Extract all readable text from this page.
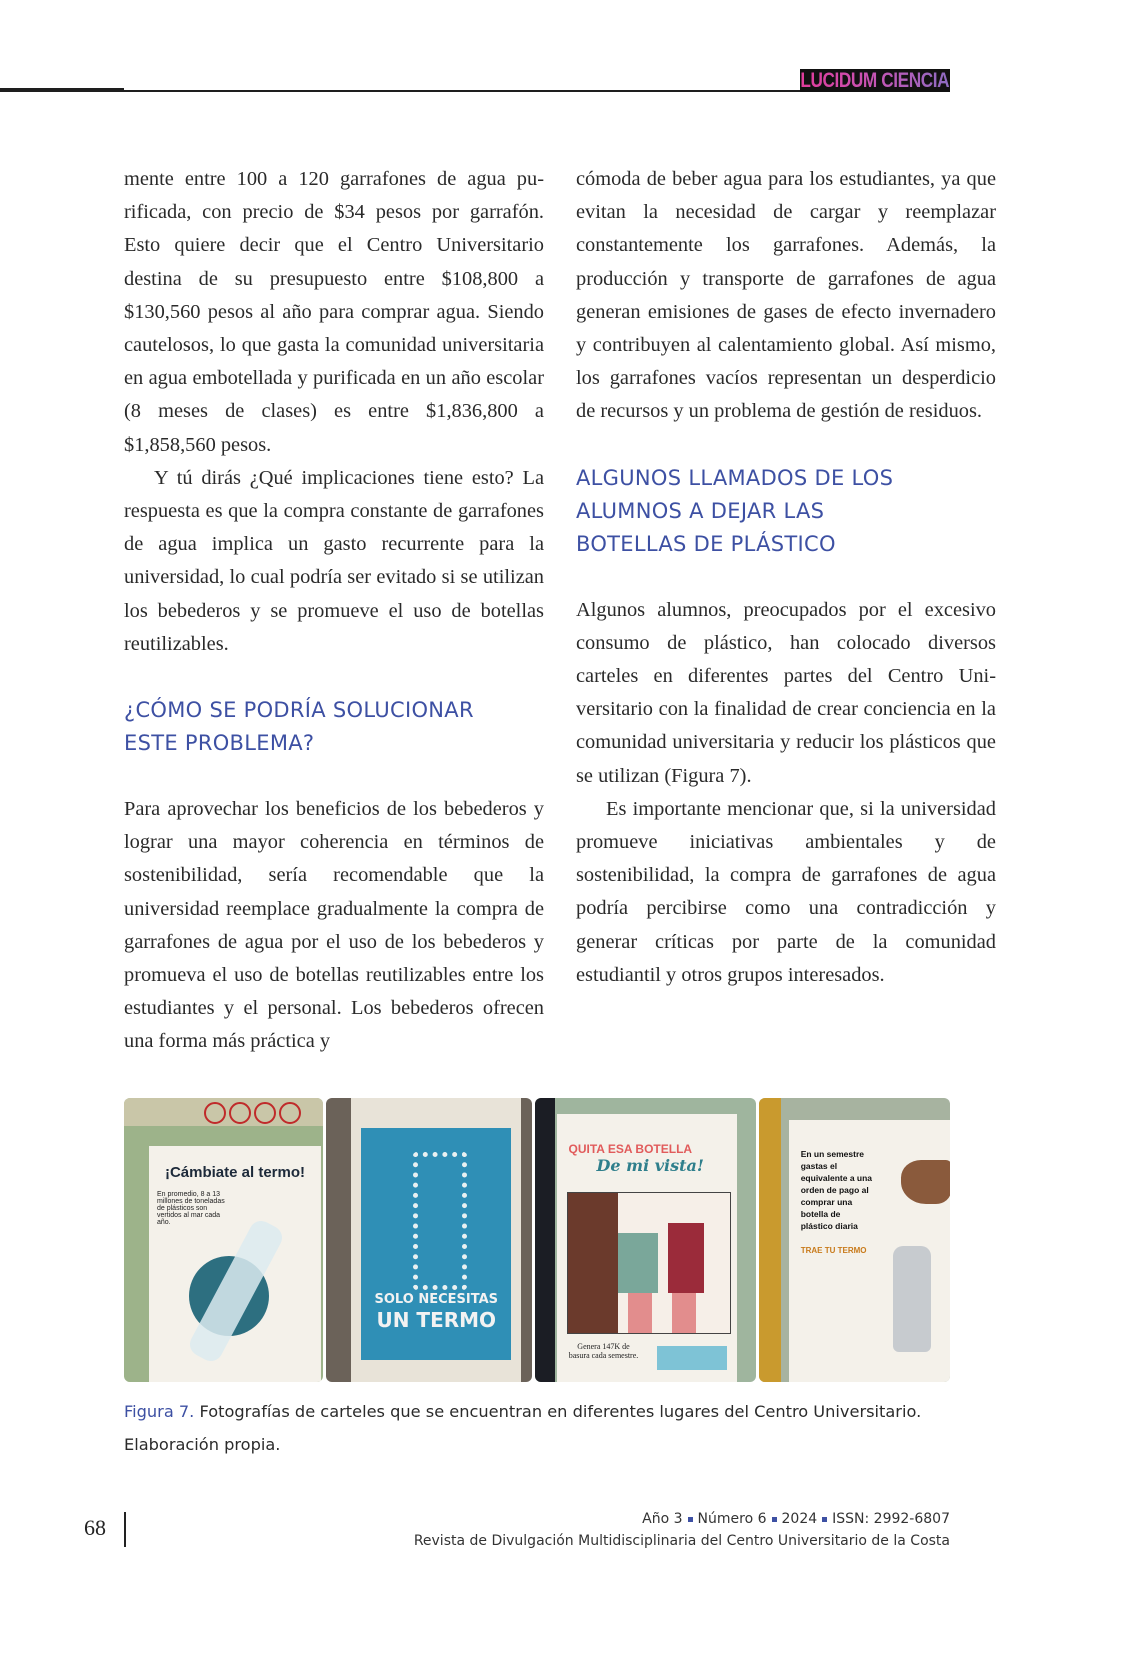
LUCIDUM CIENCIA

mente entre 100 a 120 garrafones de agua purificada, con precio de $34 pesos por garrafón. Esto quiere decir que el Centro Universitario destina de su presupuesto entre $108,800 a $130,560 pesos al año para comprar agua. Siendo cautelosos, lo que gasta la comunidad universitaria en agua embotellada y purificada en un año escolar (8 meses de clases) es entre $1,836,800 a $1,858,560 pesos.

Y tú dirás ¿Qué implicaciones tiene esto? La respuesta es que la compra constante de garrafones de agua implica un gasto recurrente para la universidad, lo cual podría ser evitado si se utilizan los bebederos y se promueve el uso de botellas reutilizables.

¿CÓMO SE PODRÍA SOLUCIONAR ESTE PROBLEMA?

Para aprovechar los beneficios de los bebederos y lograr una mayor coherencia en términos de sostenibilidad, sería recomendable que la universidad reemplace gradualmente la compra de garrafones de agua por el uso de los bebederos y promueva el uso de botellas reutilizables entre los estudiantes y el personal. Los bebederos ofrecen una forma más práctica y

cómoda de beber agua para los estudiantes, ya que evitan la necesidad de cargar y reemplazar constantemente los garrafones. Además, la producción y transporte de garrafones de agua generan emisiones de gases de efecto invernadero y contribuyen al calentamiento global. Así mismo, los garrafones vacíos representan un desperdicio de recursos y un problema de gestión de residuos.

ALGUNOS LLAMADOS DE LOS ALUMNOS A DEJAR LAS BOTELLAS DE PLÁSTICO

Algunos alumnos, preocupados por el excesivo consumo de plástico, han colocado diversos carteles en diferentes partes del Centro Universitario con la finalidad de crear conciencia en la comunidad universitaria y reducir los plásticos que se utilizan (Figura 7).

Es importante mencionar que, si la universidad promueve iniciativas ambientales y de sostenibilidad, la compra de garrafones de agua podría percibirse como una contradicción y generar críticas por parte de la comunidad estudiantil y otros grupos interesados.

¡Cámbiate al termo!
En promedio, 8 a 13 millones de toneladas de plásticos son vertidos al mar cada año.
SOLO NECESITAS
UN TERMO
QUITA ESA BOTELLA
De mi vista!
Genera 147K de basura cada semestre.
En un semestre gastas el equivalente a una orden de pago al comprar una botella de plástico diaria
TRAE TU TERMO
Figura 7. Fotografías de carteles que se encuentran en diferentes lugares del Centro Universitario. Elaboración propia.
68	Año 3 Número 6 2024 ISSN: 2992-6807
Revista de Divulgación Multidisciplinaria del Centro Universitario de la Costa
